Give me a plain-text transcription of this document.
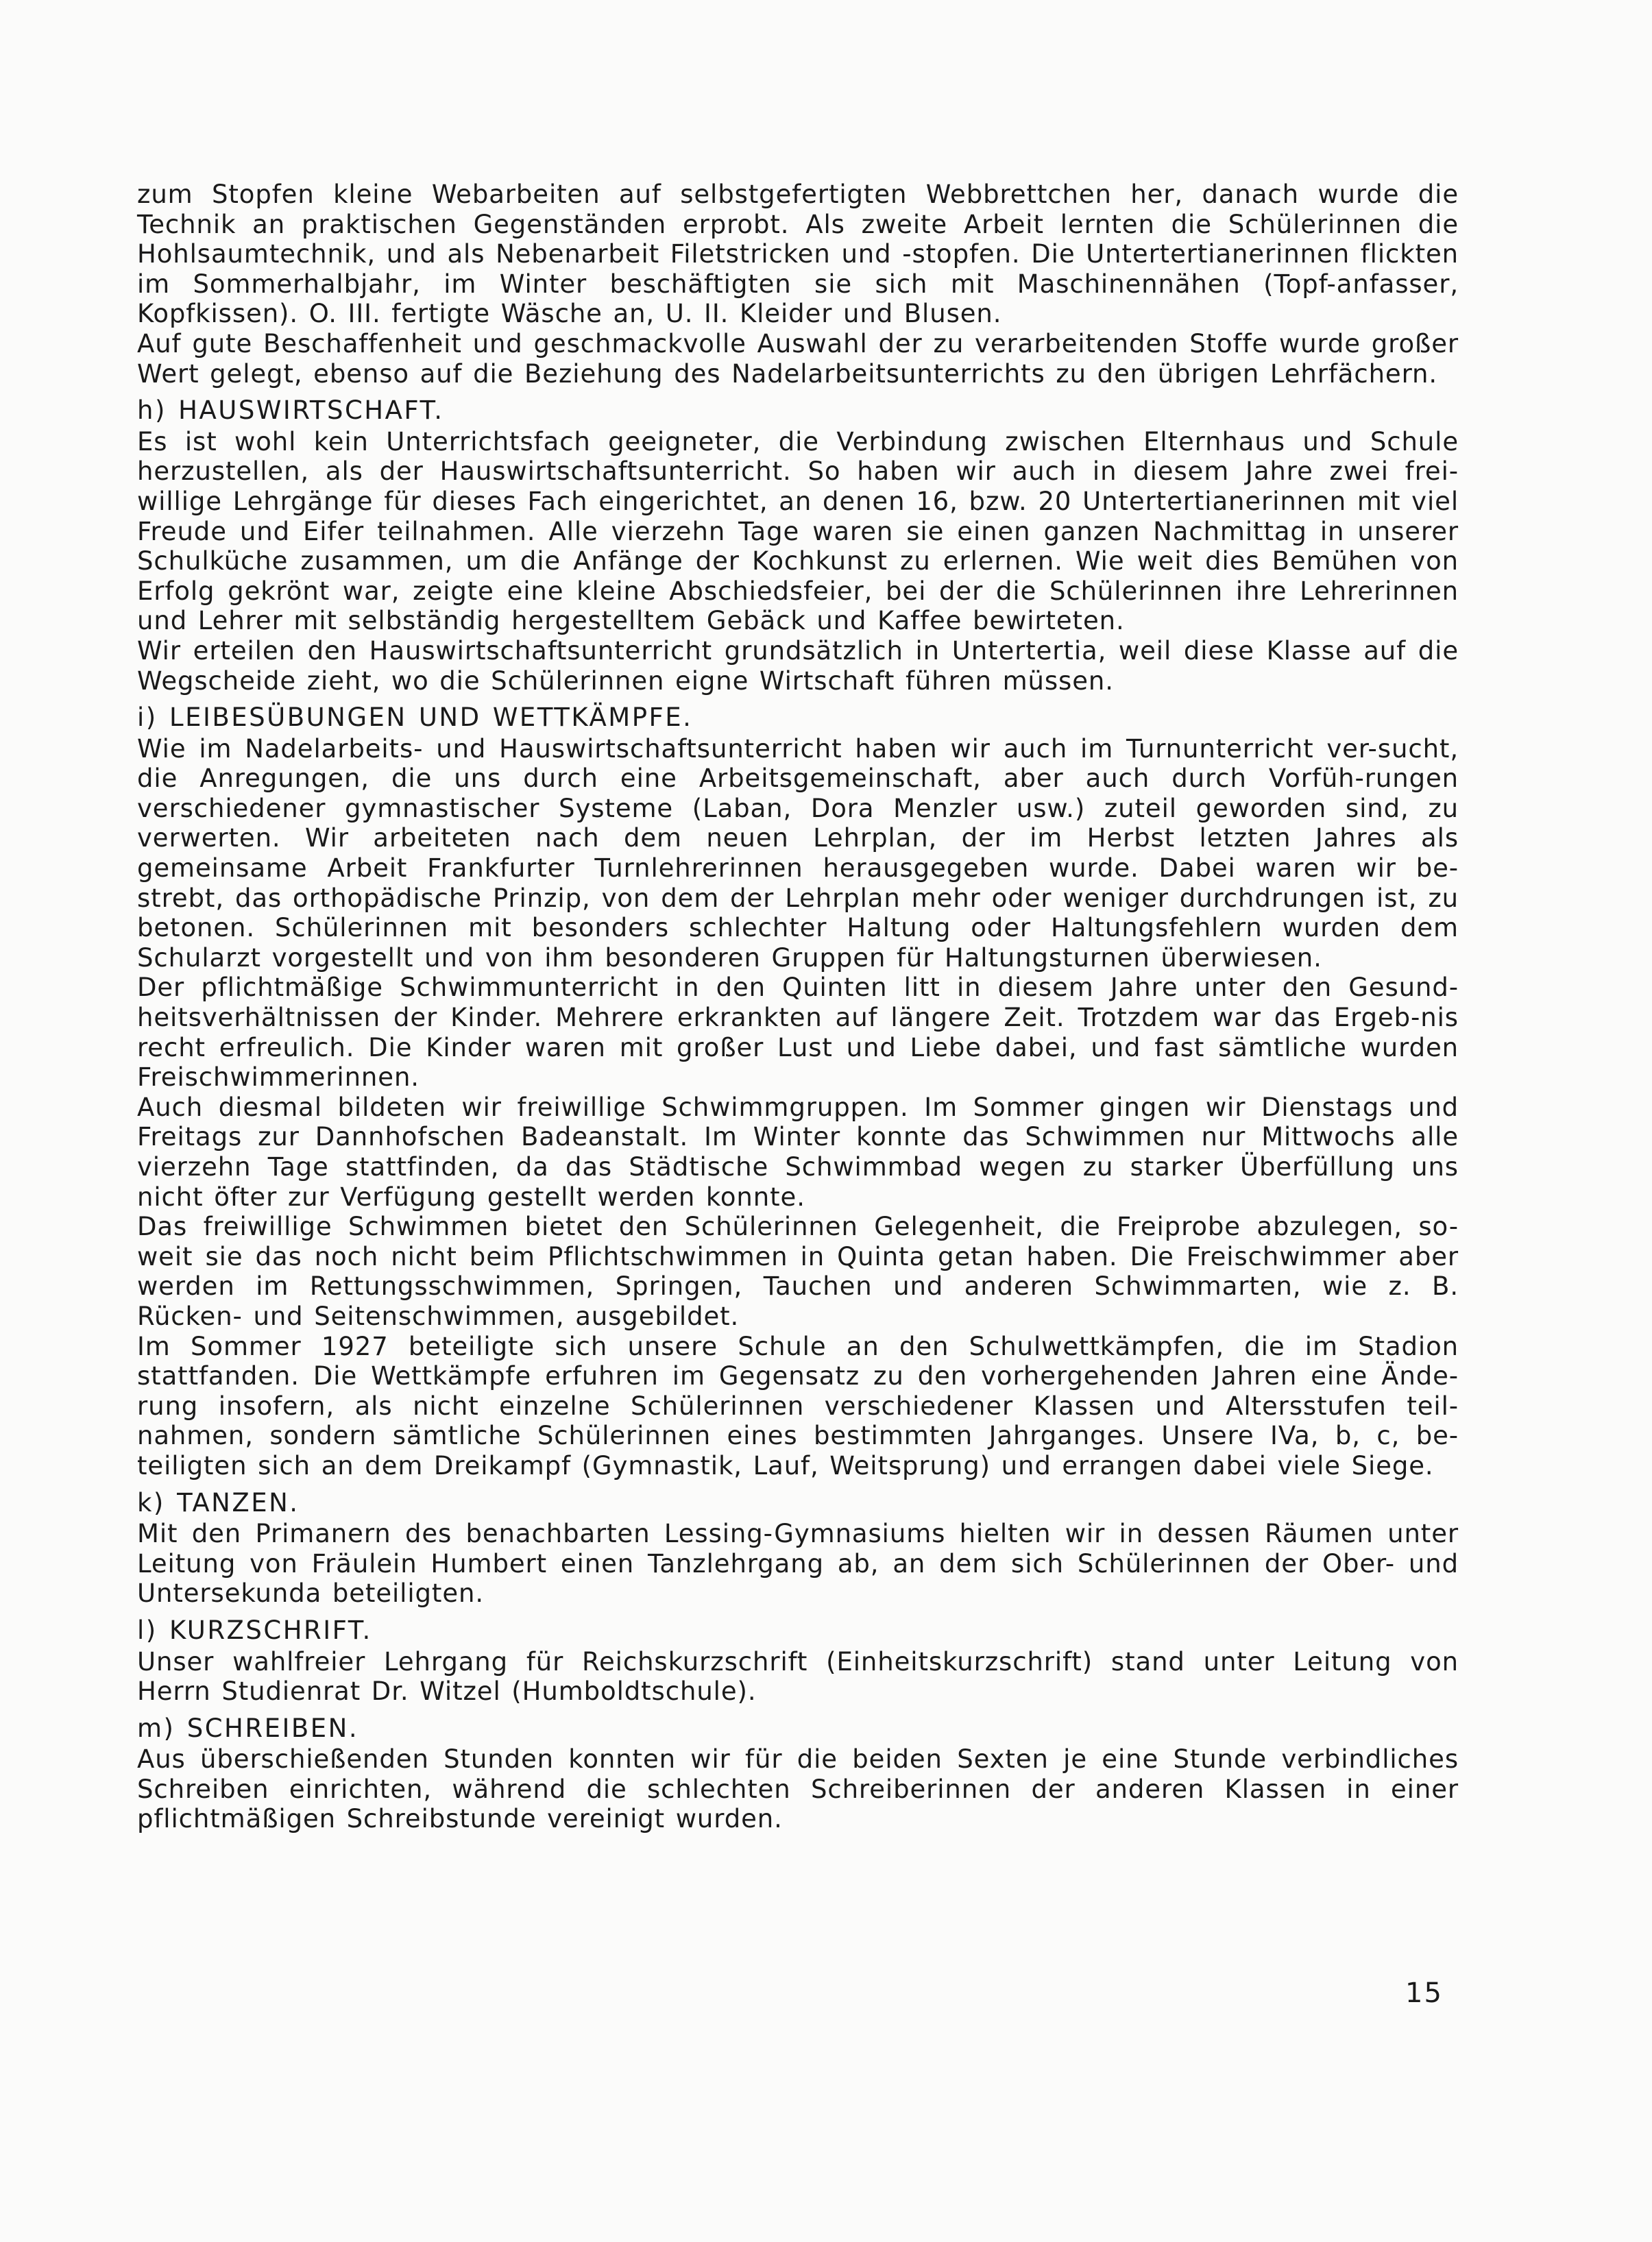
zum Stopfen kleine Webarbeiten auf selbstgefertigten Webbrettchen her, danach wurde die Technik an praktischen Gegenständen erprobt. Als zweite Arbeit lernten die Schülerinnen die Hohlsaumtechnik, und als Nebenarbeit Filetstricken und -stopfen. Die Untertertianerinnen flickten im Sommerhalbjahr, im Winter beschäftigten sie sich mit Maschinennähen (Topf-anfasser, Kopfkissen). O. III. fertigte Wäsche an, U. II. Kleider und Blusen.

Auf gute Beschaffenheit und geschmackvolle Auswahl der zu verarbeitenden Stoffe wurde großer Wert gelegt, ebenso auf die Beziehung des Nadelarbeitsunterrichts zu den übrigen Lehrfächern.

h) HAUSWIRTSCHAFT.

Es ist wohl kein Unterrichtsfach geeigneter, die Verbindung zwischen Elternhaus und Schule herzustellen, als der Hauswirtschaftsunterricht. So haben wir auch in diesem Jahre zwei frei-willige Lehrgänge für dieses Fach eingerichtet, an denen 16, bzw. 20 Untertertianerinnen mit viel Freude und Eifer teilnahmen. Alle vierzehn Tage waren sie einen ganzen Nachmittag in unserer Schulküche zusammen, um die Anfänge der Kochkunst zu erlernen. Wie weit dies Bemühen von Erfolg gekrönt war, zeigte eine kleine Abschiedsfeier, bei der die Schülerinnen ihre Lehrerinnen und Lehrer mit selbständig hergestelltem Gebäck und Kaffee bewirteten.

Wir erteilen den Hauswirtschaftsunterricht grundsätzlich in Untertertia, weil diese Klasse auf die Wegscheide zieht, wo die Schülerinnen eigne Wirtschaft führen müssen.

i) LEIBESÜBUNGEN UND WETTKÄMPFE.

Wie im Nadelarbeits- und Hauswirtschaftsunterricht haben wir auch im Turnunterricht ver-sucht, die Anregungen, die uns durch eine Arbeitsgemeinschaft, aber auch durch Vorfüh-rungen verschiedener gymnastischer Systeme (Laban, Dora Menzler usw.) zuteil geworden sind, zu verwerten. Wir arbeiteten nach dem neuen Lehrplan, der im Herbst letzten Jahres als gemeinsame Arbeit Frankfurter Turnlehrerinnen herausgegeben wurde. Dabei waren wir be-strebt, das orthopädische Prinzip, von dem der Lehrplan mehr oder weniger durchdrungen ist, zu betonen. Schülerinnen mit besonders schlechter Haltung oder Haltungsfehlern wurden dem Schularzt vorgestellt und von ihm besonderen Gruppen für Haltungsturnen überwiesen.

Der pflichtmäßige Schwimmunterricht in den Quinten litt in diesem Jahre unter den Gesund-heitsverhältnissen der Kinder. Mehrere erkrankten auf längere Zeit. Trotzdem war das Ergeb-nis recht erfreulich. Die Kinder waren mit großer Lust und Liebe dabei, und fast sämtliche wurden Freischwimmerinnen.

Auch diesmal bildeten wir freiwillige Schwimmgruppen. Im Sommer gingen wir Dienstags und Freitags zur Dannhofschen Badeanstalt. Im Winter konnte das Schwimmen nur Mittwochs alle vierzehn Tage stattfinden, da das Städtische Schwimmbad wegen zu starker Überfüllung uns nicht öfter zur Verfügung gestellt werden konnte.

Das freiwillige Schwimmen bietet den Schülerinnen Gelegenheit, die Freiprobe abzulegen, so-weit sie das noch nicht beim Pflichtschwimmen in Quinta getan haben. Die Freischwimmer aber werden im Rettungsschwimmen, Springen, Tauchen und anderen Schwimmarten, wie z. B. Rücken- und Seitenschwimmen, ausgebildet.

Im Sommer 1927 beteiligte sich unsere Schule an den Schulwettkämpfen, die im Stadion stattfanden. Die Wettkämpfe erfuhren im Gegensatz zu den vorhergehenden Jahren eine Ände-rung insofern, als nicht einzelne Schülerinnen verschiedener Klassen und Altersstufen teil-nahmen, sondern sämtliche Schülerinnen eines bestimmten Jahrganges. Unsere IVa, b, c, be-teiligten sich an dem Dreikampf (Gymnastik, Lauf, Weitsprung) und errangen dabei viele Siege.

k) TANZEN.

Mit den Primanern des benachbarten Lessing-Gymnasiums hielten wir in dessen Räumen unter Leitung von Fräulein Humbert einen Tanzlehrgang ab, an dem sich Schülerinnen der Ober- und Untersekunda beteiligten.

l) KURZSCHRIFT.

Unser wahlfreier Lehrgang für Reichskurzschrift (Einheitskurzschrift) stand unter Leitung von Herrn Studienrat Dr. Witzel (Humboldtschule).

m) SCHREIBEN.

Aus überschießenden Stunden konnten wir für die beiden Sexten je eine Stunde verbindliches Schreiben einrichten, während die schlechten Schreiberinnen der anderen Klassen in einer pflichtmäßigen Schreibstunde vereinigt wurden.

15
